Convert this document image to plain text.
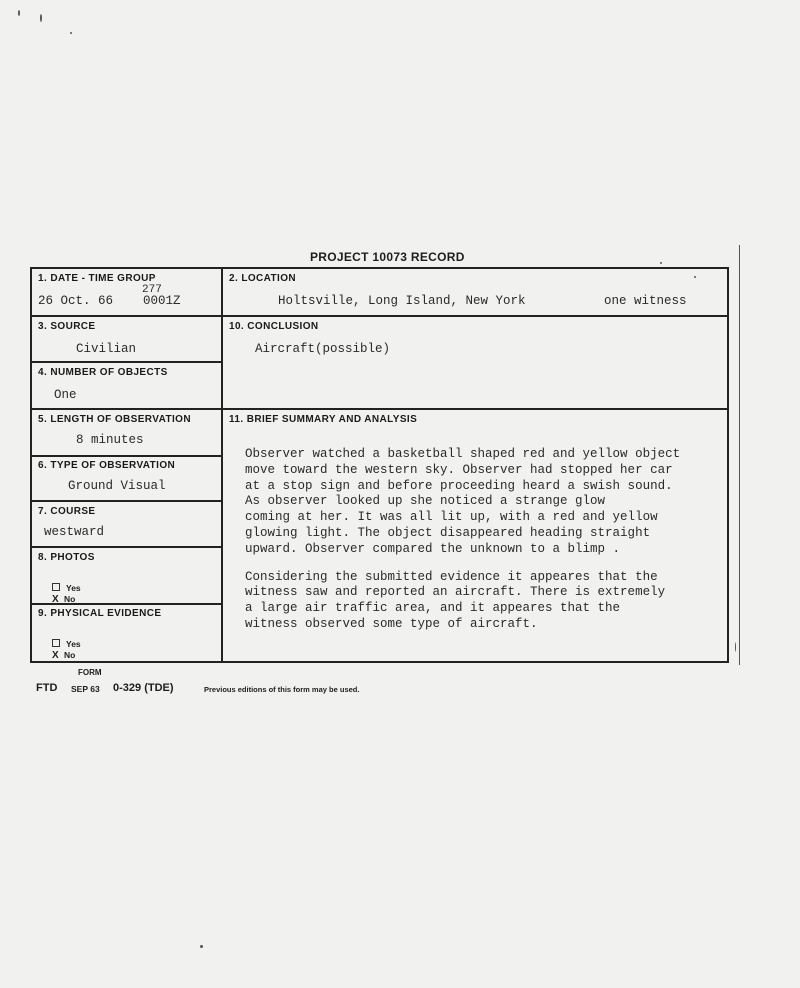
PROJECT 10073 RECORD
1. DATE - TIME GROUP
277
26 Oct. 66    0001Z
2. LOCATION
Holtsville, Long Island, New York	one witness
3. SOURCE
Civilian
10. CONCLUSION
Aircraft(possible)
4. NUMBER OF OBJECTS
One
5. LENGTH OF OBSERVATION
8 minutes
11. BRIEF SUMMARY AND ANALYSIS

Observer watched a basketball shaped red and yellow object
move toward the western sky. Observer had stopped her car
at a stop sign and before proceeding heard a swish sound.
As observer looked up she noticed a strange glow
coming at her. It was all lit up, with a red and yellow
glowing light. The object disappeared heading straight
upward. Observer compared the unknown to a blimp .

Considering the submitted evidence it appeares that the
witness saw and reported an aircraft. There is extremely
a large air traffic area, and it appeares that the
witness observed some type of aircraft.

6. TYPE OF OBSERVATION
Ground Visual
7. COURSE
westward
8. PHOTOS
Yes
X No
9. PHYSICAL EVIDENCE
Yes
X No
FORM
FTD SEP 63 0-329 (TDE)	Previous editions of this form may be used.
